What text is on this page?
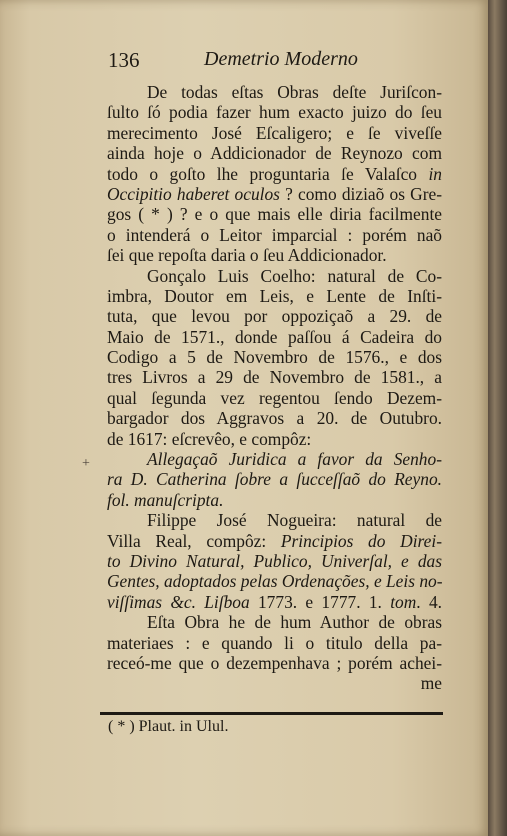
136	Demetrio Moderno
+
De todas eſtas Obras deſte Juriſcon-
ſulto ſó podia fazer hum exacto juizo do ſeu
merecimento José Eſcaligero; e ſe viveſſe
ainda hoje o Addicionador de Reynozo com
todo o goſto lhe proguntaria ſe Valaſco in
Occipitio haberet oculos ? como diziaõ os Gre-
gos ( * ) ? e o que mais elle diria facilmente
o intenderá o Leitor imparcial : porém naõ
ſei que repoſta daria o ſeu Addicionador.
Gonçalo Luis Coelho: natural de Co-
imbra, Doutor em Leis, e Lente de Inſti-
tuta, que levou por oppoziçaõ a 29. de
Maio de 1571., donde paſſou á Cadeira do
Codigo a 5 de Novembro de 1576., e dos
tres Livros a 29 de Novembro de 1581., a
qual ſegunda vez regentou ſendo Dezem-
bargador dos Aggravos a 20. de Outubro.
de 1617: eſcrevêo, e compôz:
Allegaçaõ Juridica a favor da Senho-
ra D. Catherina ſobre a ſucceſſaõ do Reyno.
fol. manuſcripta.
Filippe José Nogueira: natural de
Villa Real, compôz: Principios do Direi-
to Divino Natural, Publico, Univerſal, e das
Gentes, adoptados pelas Ordenações, e Leis no-
viſſimas &c. Liſboa 1773. e 1777. 1. tom. 4.
Eſta Obra he de hum Author de obras
materiaes : e quando li o titulo della pa-
receó-me que o dezempenhava ; porém achei-
me
( * ) Plaut. in Ulul.
